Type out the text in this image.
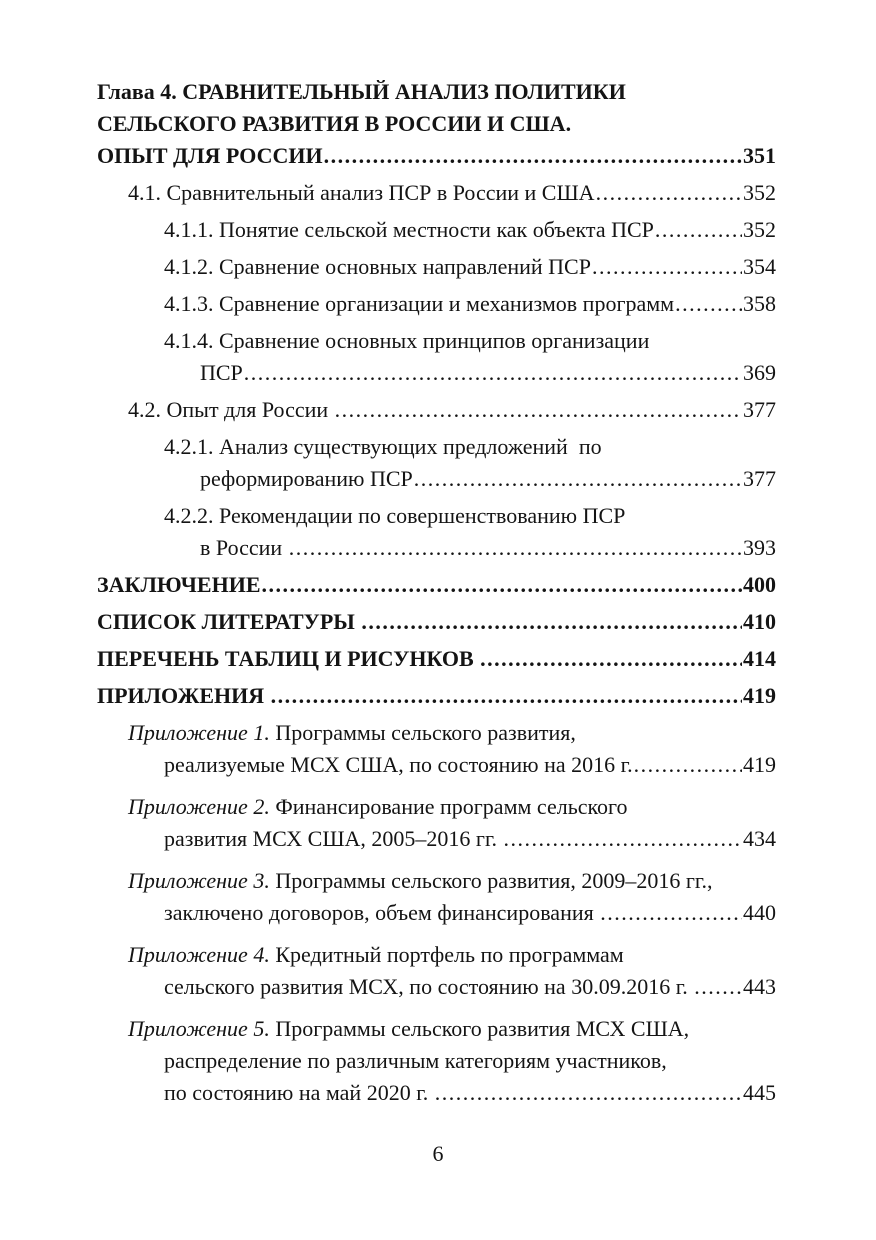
Глава 4. СРАВНИТЕЛЬНЫЙ АНАЛИЗ ПОЛИТИКИ
СЕЛЬСКОГО РАЗВИТИЯ В РОССИИ И США.
ОПЫТ ДЛЯ РОССИИ .....	351
4.1. Сравнительный анализ ПСР в России и США .....	352
4.1.1. Понятие сельской местности как объекта ПСР .....	352
4.1.2. Сравнение основных направлений ПСР .....	354
4.1.3. Сравнение организации и механизмов программ .....	358
4.1.4. Сравнение основных принципов организации
ПСР .....	369
4.2. Опыт для России .....	377
4.2.1. Анализ существующих предложений  по
реформированию ПСР .....	377
4.2.2. Рекомендации по совершенствованию ПСР
в России .....	393
ЗАКЛЮЧЕНИЕ .....	400
СПИСОК ЛИТЕРАТУРЫ .....	410
ПЕРЕЧЕНЬ ТАБЛИЦ И РИСУНКОВ .....	414
ПРИЛОЖЕНИЯ .....	419
Приложение 1. Программы сельского развития,
реализуемые МСХ США, по состоянию на 2016 г. .....	419
Приложение 2. Финансирование программ сельского
развития МСХ США, 2005–2016 гг. .....	434
Приложение 3. Программы сельского развития, 2009–2016 гг.,
заключено договоров, объем финансирования .....	440
Приложение 4. Кредитный портфель по программам
сельского развития МСХ, по состоянию на 30.09.2016 г. ..... 443
Приложение 5. Программы сельского развития МСХ США,
распределение по различным категориям участников,
по состоянию на май 2020 г. .....	445
6
